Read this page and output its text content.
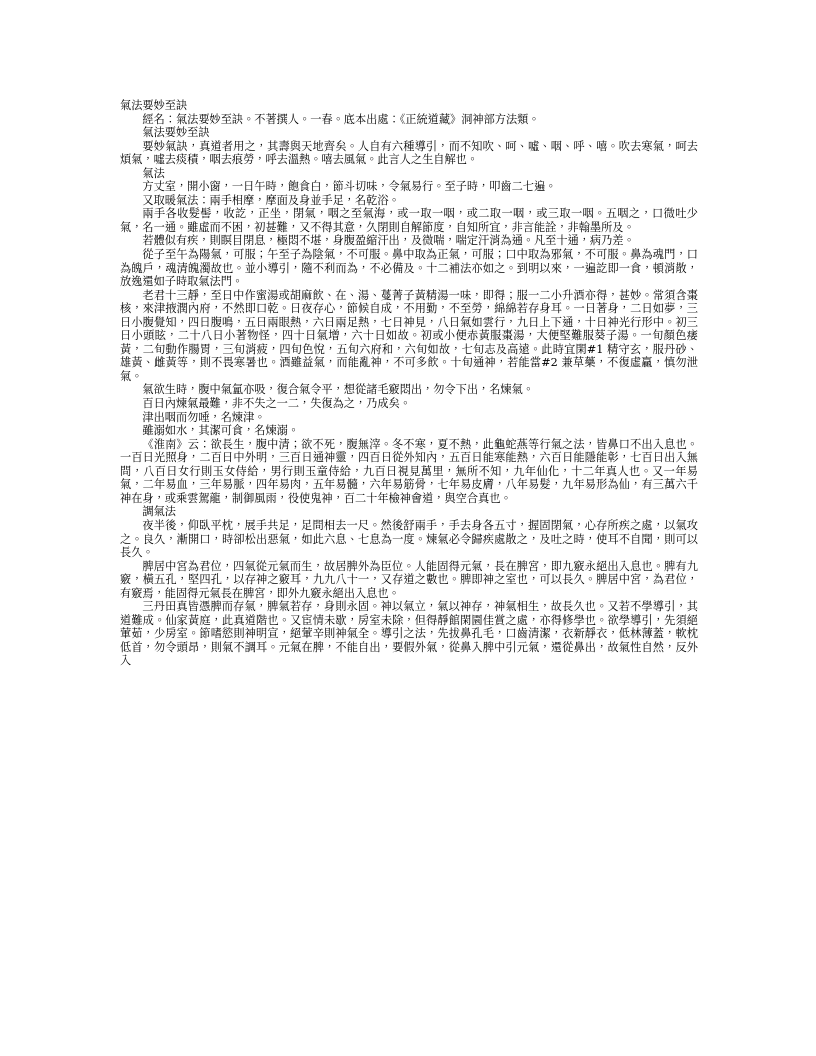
氣法要妙至訣

經名：氣法要妙至訣。不著撰人。一春。底本出處：《正統道藏》洞神部方法類。

氣法要妙至訣

要妙氣訣，真道者用之，其壽與天地齊矣。人自有六種導引，而不知吹、呵、噓、咽、呼、嘻。吹去寒氣，呵去煩氣，噓去痰積，咽去痕勞，呼去溫熱。嘻去風氣。此言人之生自解也。

氣法

方丈室，開小窗，一日午時，飽食白，節斗切味，令氣易行。至子時，叩齒二七遍。

又取暖氣法：兩手相摩，摩面及身並手足，名乾浴。

兩手各收髮髻，收訖，正坐，閉氣，咽之至氣海，或一取一咽，或二取一咽，或三取一咽。五咽之，口微吐少氣，名一通。雖虛而不困，初甚難，又不得其意，久閉則自解節度，自知所宜，非言能詮，非翰墨所及。

若體似有疾，則瞑目閉息，極悶不堪，身腹盈縮汗出，及微喘，喘定汗消為通。凡至十通，病乃差。

從子至午為陽氣，可服；午至子為陰氣，不可服。鼻中取為正氣，可服；口中取為邪氣，不可服。鼻為魂門，口為魄戶，魂清魄濁故也。並小導引，隨不利而為，不必備及。十二補法亦如之。到明以來，一遍訖即一食，頓消散，放逸還如子時取氣法門。

老君十三靜，至日中作蜜湯或胡麻飲、在、湯、蔓菁子黃精湯一味，即得；服一二小升酒亦得，甚妙。常須含棗核，來津掖潤內府，不然即口乾。日夜存心，節候自成，不用勤，不至勞，綿綿若存身耳。一日著身，二日如夢，三日小腹覺知，四日腹鳴，五日兩眼熱，六日兩足熱，七日神見，八日氣如雲行，九日上下通，十日神光行形中。初三日小頭眩，二十八日小著物怪，四十日氣增，六十日如故。初或小便赤黃服棗湯，大便堅難服葵子湯。一旬顏色痿黃，二旬動作腸胃，三旬消疲，四旬色悅，五旬六府和，六旬如故，七旬志及高遠。此時宜閑#1 精守玄，服丹砂、雄黃、雌黃等，則不畏寒暑也。酒雖益氣，而能亂神，不可多飲。十旬通神，若能當#2 兼草藥，不復虛贏，慎勿泄氣。

氣欲生時，腹中氣氳亦吸，復合氣令平，想從諸毛竅悶出，勿令下出，名煉氣。

百日內煉氣最難，非不失之一二，失復為之，乃成矣。

津出咽而勿唾，名煉津。

雖溺如水，其潔可食，名煉溺。

《淮南》云：欲長生，腹中清；欲不死，腹無滓。冬不寒，夏不熱，此龜蛇燕等行氣之法，皆鼻口不出入息也。一百日光照身，二百日中外明，三百日通神靈，四百日從外知內，五百日能寒能熱，六百日能隱能彰，七百日出入無問，八百日女行則玉女侍給，男行則玉童侍給，九百日視見萬里，無所不知，九年仙化，十二年真人也。又一年易氣，二年易血，三年易脈，四年易肉，五年易髓，六年易筋骨，七年易皮膚，八年易髮，九年易形為仙，有三萬六千神在身，或乘雲駕龍，制御風雨，役使鬼神，百二十年檢神會道，與空合真也。

調氣法

夜半後，仰臥平枕，展手共足，足問相去一尺。然後舒兩手，手去身各五寸，握固閉氣，心存所疾之處，以氣攻之。良久，漸開口，時卻松出惡氣，如此六息、七息為一度。煉氣必令歸疾處散之，及吐之時，使耳不自聞，則可以長久。

脾居中宮為君位，四氣從元氣而生，故居脾外為臣位。人能固得元氣，長在脾宮，即九竅永絕出入息也。脾有九竅，橫五孔，堅四孔，以存神之竅耳，九九八十一，又存道之數也。脾即神之室也，可以長久。脾居中宮，為君位，有竅焉，能固得元氣長在脾宮，即外九竅永絕出入息也。

三丹田真皆憑脾而存氣，脾氣若存，身則永固。神以氣立，氣以神存，神氣相生，故長久也。又若不學導引，其道難成。仙家黃庭，此真道階也。又宦情未歇，房室未除，但得靜館閑園佳賞之處，亦得修學也。欲學導引，先須絕葷茹，少房室。節嗜慾則神明宣，絕葷辛則神氣全。導引之法，先拔鼻孔毛，口齒清潔，衣新靜衣，低林薄蓋，軟枕低首，勿令頭昂，則氣不調耳。元氣在脾，不能自出，要假外氣，從鼻入脾中引元氣，還從鼻出，故氣性自然，反外入
